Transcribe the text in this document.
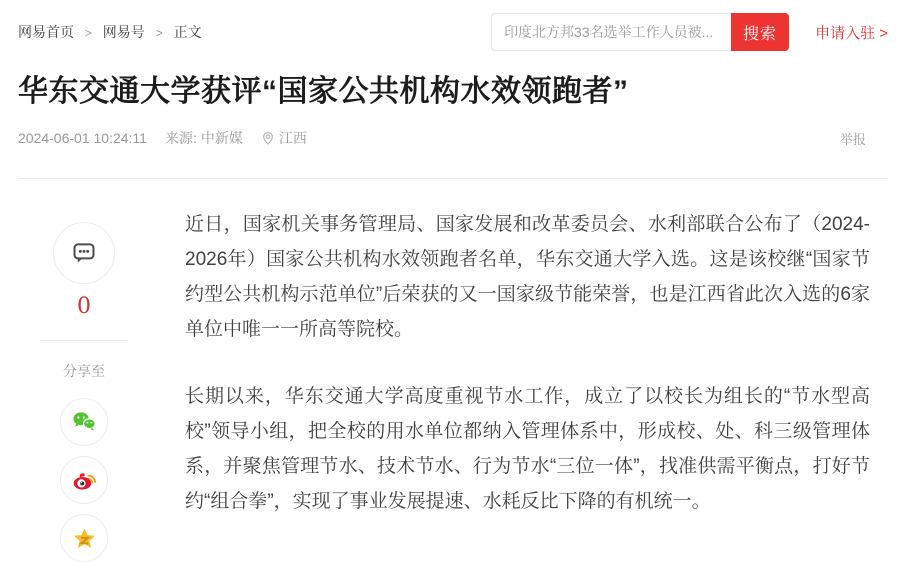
网易首页 > 网易号 > 正文
印度北方邦33名选举工作人员被...	搜索	申请入驻 >
华东交通大学获评“国家公共机构水效领跑者”
2024-06-01 10:24:11 来源: 中新媒	江西	举报
0
分享至

近日，国家机关事务管理局、国家发展和改革委员会、水利部联合公布了（2024-2026年）国家公共机构水效领跑者名单，华东交通大学入选。这是该校继“国家节约型公共机构示范单位”后荣获的又一国家级节能荣誉，也是江西省此次入选的6家单位中唯一一所高等院校。

长期以来，华东交通大学高度重视节水工作，成立了以校长为组长的“节水型高校”领导小组，把全校的用水单位都纳入管理体系中，形成校、处、科三级管理体系，并聚焦管理节水、技术节水、行为节水“三位一体”，找准供需平衡点，打好节约“组合拳”，实现了事业发展提速、水耗反比下降的有机统一。
